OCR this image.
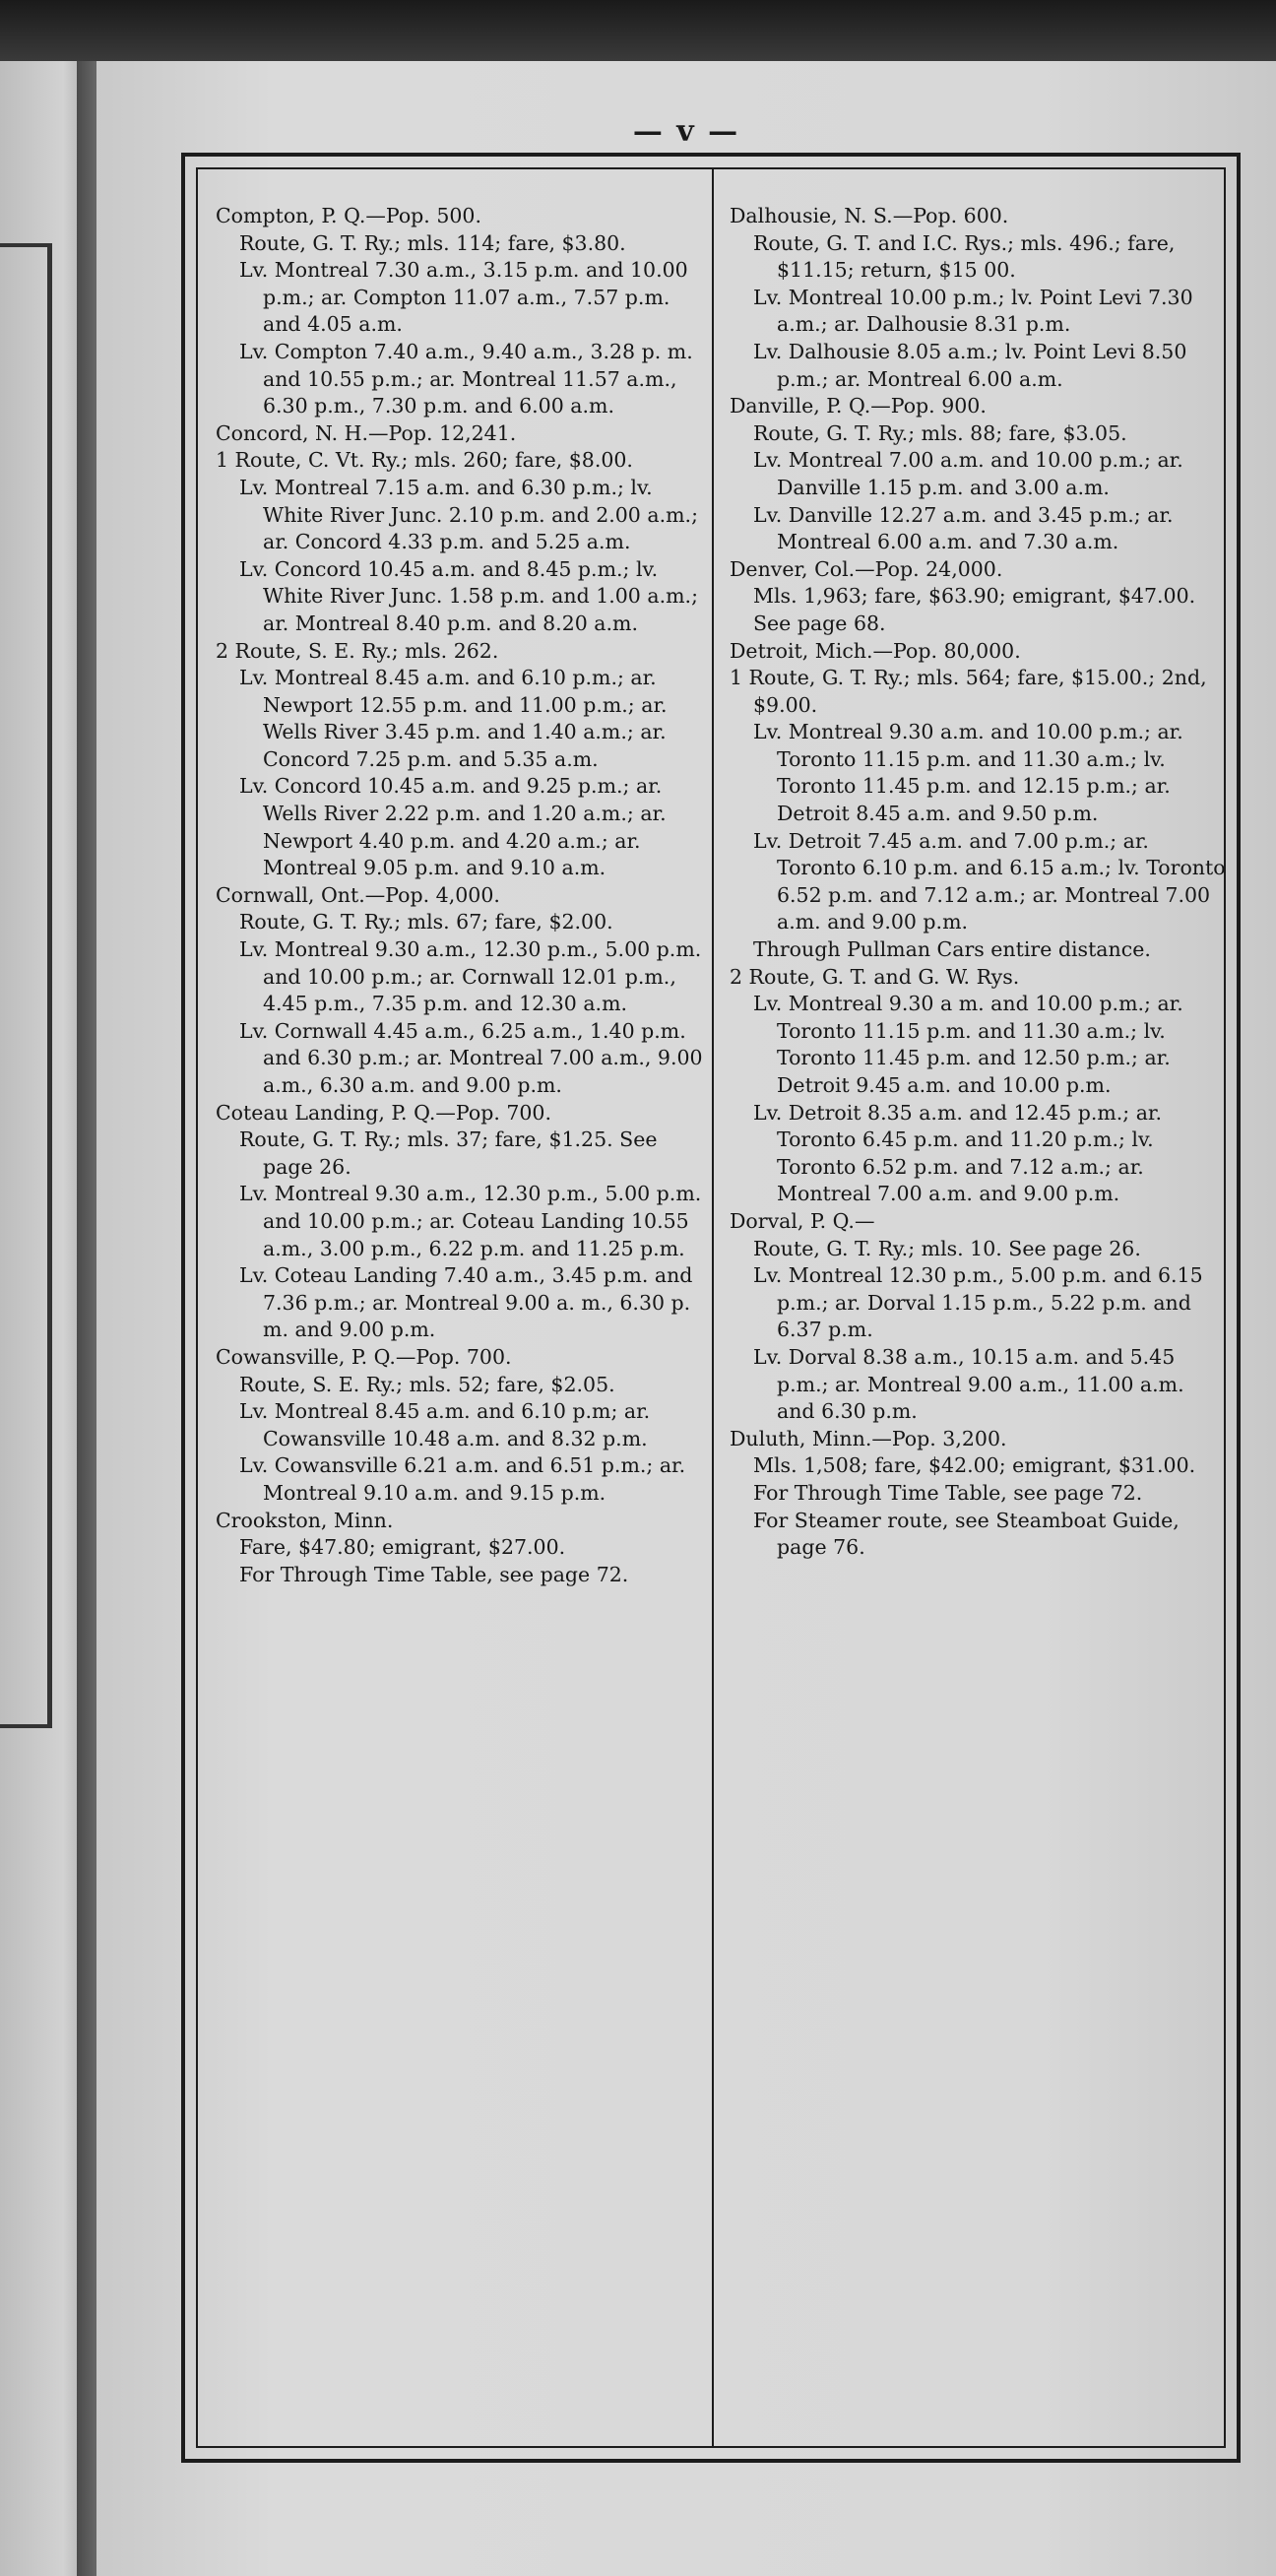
— v —

Compton, P. Q.—Pop. 500.

Route, G. T. Ry.; mls. 114; fare, $3.80.

Lv. Montreal 7.30 a.m., 3.15 p.m. and 10.00 p.m.; ar. Compton 11.07 a.m., 7.57 p.m. and 4.05 a.m.

Lv. Compton 7.40 a.m., 9.40 a.m., 3.28 p. m. and 10.55 p.m.; ar. Montreal 11.57 a.m., 6.30 p.m., 7.30 p.m. and 6.00 a.m.

Concord, N. H.—Pop. 12,241.

1 Route, C. Vt. Ry.; mls. 260; fare, $8.00.

Lv. Montreal 7.15 a.m. and 6.30 p.m.; lv. White River Junc. 2.10 p.m. and 2.00 a.m.; ar. Concord 4.33 p.m. and 5.25 a.m.

Lv. Concord 10.45 a.m. and 8.45 p.m.; lv. White River Junc. 1.58 p.m. and 1.00 a.m.; ar. Montreal 8.40 p.m. and 8.20 a.m.

2 Route, S. E. Ry.; mls. 262.

Lv. Montreal 8.45 a.m. and 6.10 p.m.; ar. Newport 12.55 p.m. and 11.00 p.m.; ar. Wells River 3.45 p.m. and 1.40 a.m.; ar. Concord 7.25 p.m. and 5.35 a.m.

Lv. Concord 10.45 a.m. and 9.25 p.m.; ar. Wells River 2.22 p.m. and 1.20 a.m.; ar. Newport 4.40 p.m. and 4.20 a.m.; ar. Montreal 9.05 p.m. and 9.10 a.m.

Cornwall, Ont.—Pop. 4,000.

Route, G. T. Ry.; mls. 67; fare, $2.00.

Lv. Montreal 9.30 a.m., 12.30 p.m., 5.00 p.m. and 10.00 p.m.; ar. Cornwall 12.01 p.m., 4.45 p.m., 7.35 p.m. and 12.30 a.m.

Lv. Cornwall 4.45 a.m., 6.25 a.m., 1.40 p.m. and 6.30 p.m.; ar. Montreal 7.00 a.m., 9.00 a.m., 6.30 a.m. and 9.00 p.m.

Coteau Landing, P. Q.—Pop. 700.

Route, G. T. Ry.; mls. 37; fare, $1.25. See page 26.

Lv. Montreal 9.30 a.m., 12.30 p.m., 5.00 p.m. and 10.00 p.m.; ar. Coteau Landing 10.55 a.m., 3.00 p.m., 6.22 p.m. and 11.25 p.m.

Lv. Coteau Landing 7.40 a.m., 3.45 p.m. and 7.36 p.m.; ar. Montreal 9.00 a. m., 6.30 p. m. and 9.00 p.m.

Cowansville, P. Q.—Pop. 700.

Route, S. E. Ry.; mls. 52; fare, $2.05.

Lv. Montreal 8.45 a.m. and 6.10 p.m; ar. Cowansville 10.48 a.m. and 8.32 p.m.

Lv. Cowansville 6.21 a.m. and 6.51 p.m.; ar. Montreal 9.10 a.m. and 9.15 p.m.

Crookston, Minn.

Fare, $47.80; emigrant, $27.00.

For Through Time Table, see page 72.

Dalhousie, N. S.—Pop. 600.

Route, G. T. and I.C. Rys.; mls. 496.; fare, $11.15; return, $15 00.

Lv. Montreal 10.00 p.m.; lv. Point Levi 7.30 a.m.; ar. Dalhousie 8.31 p.m.

Lv. Dalhousie 8.05 a.m.; lv. Point Levi 8.50 p.m.; ar. Montreal 6.00 a.m.

Danville, P. Q.—Pop. 900.

Route, G. T. Ry.; mls. 88; fare, $3.05.

Lv. Montreal 7.00 a.m. and 10.00 p.m.; ar. Danville 1.15 p.m. and 3.00 a.m.

Lv. Danville 12.27 a.m. and 3.45 p.m.; ar. Montreal 6.00 a.m. and 7.30 a.m.

Denver, Col.—Pop. 24,000.

Mls. 1,963; fare, $63.90; emigrant, $47.00.

See page 68.

Detroit, Mich.—Pop. 80,000.

1 Route, G. T. Ry.; mls. 564; fare, $15.00.; 2nd, $9.00.

Lv. Montreal 9.30 a.m. and 10.00 p.m.; ar. Toronto 11.15 p.m. and 11.30 a.m.; lv. Toronto 11.45 p.m. and 12.15 p.m.; ar. Detroit 8.45 a.m. and 9.50 p.m.

Lv. Detroit 7.45 a.m. and 7.00 p.m.; ar. Toronto 6.10 p.m. and 6.15 a.m.; lv. Toronto 6.52 p.m. and 7.12 a.m.; ar. Montreal 7.00 a.m. and 9.00 p.m.

Through Pullman Cars entire distance.

2 Route, G. T. and G. W. Rys.

Lv. Montreal 9.30 a m. and 10.00 p.m.; ar. Toronto 11.15 p.m. and 11.30 a.m.; lv. Toronto 11.45 p.m. and 12.50 p.m.; ar. Detroit 9.45 a.m. and 10.00 p.m.

Lv. Detroit 8.35 a.m. and 12.45 p.m.; ar. Toronto 6.45 p.m. and 11.20 p.m.; lv. Toronto 6.52 p.m. and 7.12 a.m.; ar. Montreal 7.00 a.m. and 9.00 p.m.

Dorval, P. Q.—

Route, G. T. Ry.; mls. 10. See page 26.

Lv. Montreal 12.30 p.m., 5.00 p.m. and 6.15 p.m.; ar. Dorval 1.15 p.m., 5.22 p.m. and 6.37 p.m.

Lv. Dorval 8.38 a.m., 10.15 a.m. and 5.45 p.m.; ar. Montreal 9.00 a.m., 11.00 a.m. and 6.30 p.m.

Duluth, Minn.—Pop. 3,200.

Mls. 1,508; fare, $42.00; emigrant, $31.00.

For Through Time Table, see page 72.

For Steamer route, see Steamboat Guide, page 76.
